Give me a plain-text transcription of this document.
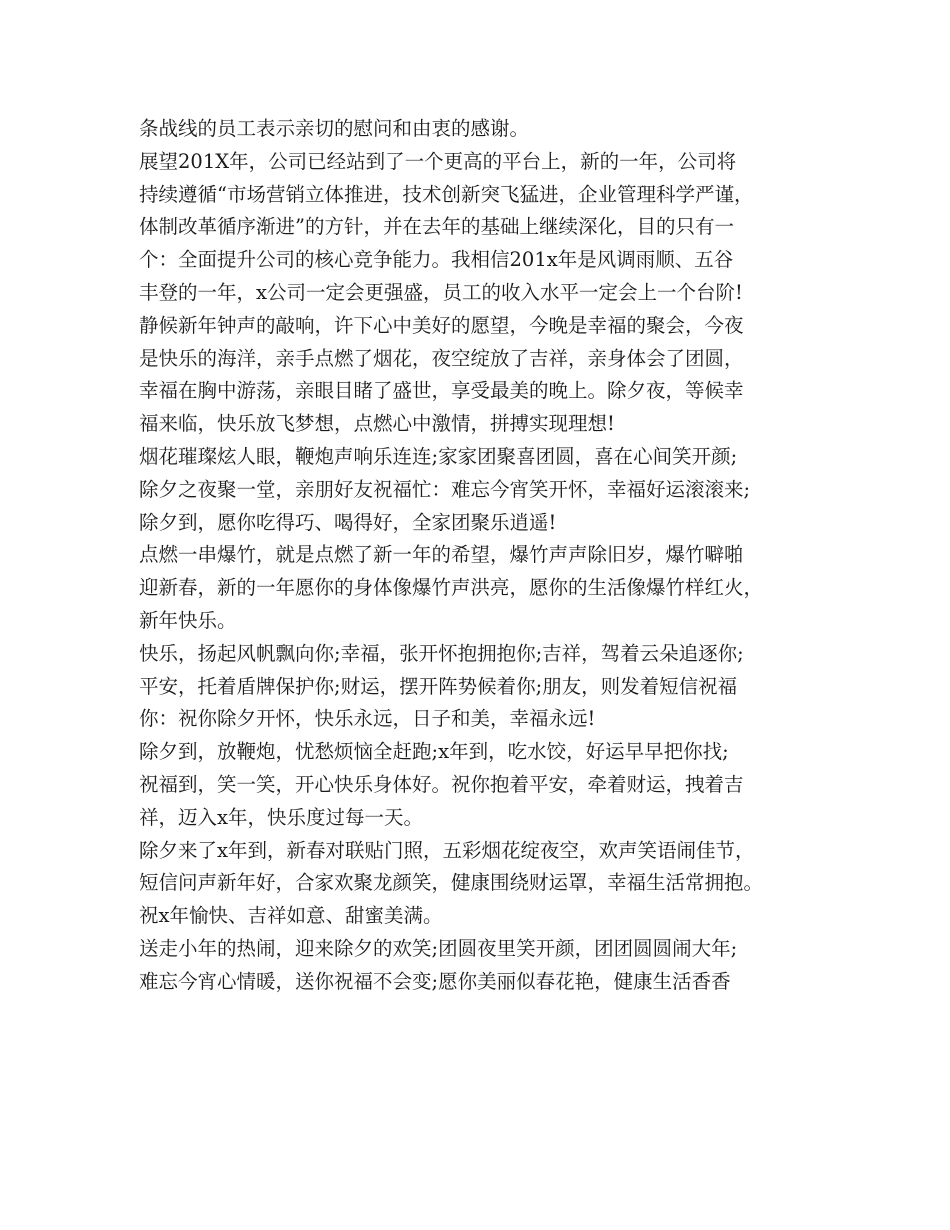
条战线的员工表示亲切的慰问和由衷的感谢。
展望201X年，公司已经站到了一个更高的平台上，新的一年，公司将
持续遵循“市场营销立体推进，技术创新突飞猛进，企业管理科学严谨，
体制改革循序渐进”的方针，并在去年的基础上继续深化，目的只有一
个：全面提升公司的核心竞争能力。我相信201x年是风调雨顺、五谷
丰登的一年，x公司一定会更强盛，员工的收入水平一定会上一个台阶!
静候新年钟声的敲响，许下心中美好的愿望，今晚是幸福的聚会，今夜
是快乐的海洋，亲手点燃了烟花，夜空绽放了吉祥，亲身体会了团圆，
幸福在胸中游荡，亲眼目睹了盛世，享受最美的晚上。除夕夜，等候幸
福来临，快乐放飞梦想，点燃心中激情，拼搏实现理想!
烟花璀璨炫人眼，鞭炮声响乐连连;家家团聚喜团圆，喜在心间笑开颜;
除夕之夜聚一堂，亲朋好友祝福忙：难忘今宵笑开怀，幸福好运滚滚来;
除夕到，愿你吃得巧、喝得好，全家团聚乐逍遥!
点燃一串爆竹，就是点燃了新一年的希望，爆竹声声除旧岁，爆竹噼啪
迎新春，新的一年愿你的身体像爆竹声洪亮，愿你的生活像爆竹样红火，
新年快乐。
快乐，扬起风帆飘向你;幸福，张开怀抱拥抱你;吉祥，驾着云朵追逐你;
平安，托着盾牌保护你;财运，摆开阵势候着你;朋友，则发着短信祝福
你：祝你除夕开怀，快乐永远，日子和美，幸福永远!
除夕到，放鞭炮，忧愁烦恼全赶跑;x年到，吃水饺，好运早早把你找;
祝福到，笑一笑，开心快乐身体好。祝你抱着平安，牵着财运，拽着吉
祥，迈入x年，快乐度过每一天。
除夕来了x年到，新春对联贴门照，五彩烟花绽夜空，欢声笑语闹佳节，
短信问声新年好，合家欢聚龙颜笑，健康围绕财运罩，幸福生活常拥抱。
祝x年愉快、吉祥如意、甜蜜美满。
送走小年的热闹，迎来除夕的欢笑;团圆夜里笑开颜，团团圆圆闹大年;
难忘今宵心情暖，送你祝福不会变;愿你美丽似春花艳，健康生活香香
